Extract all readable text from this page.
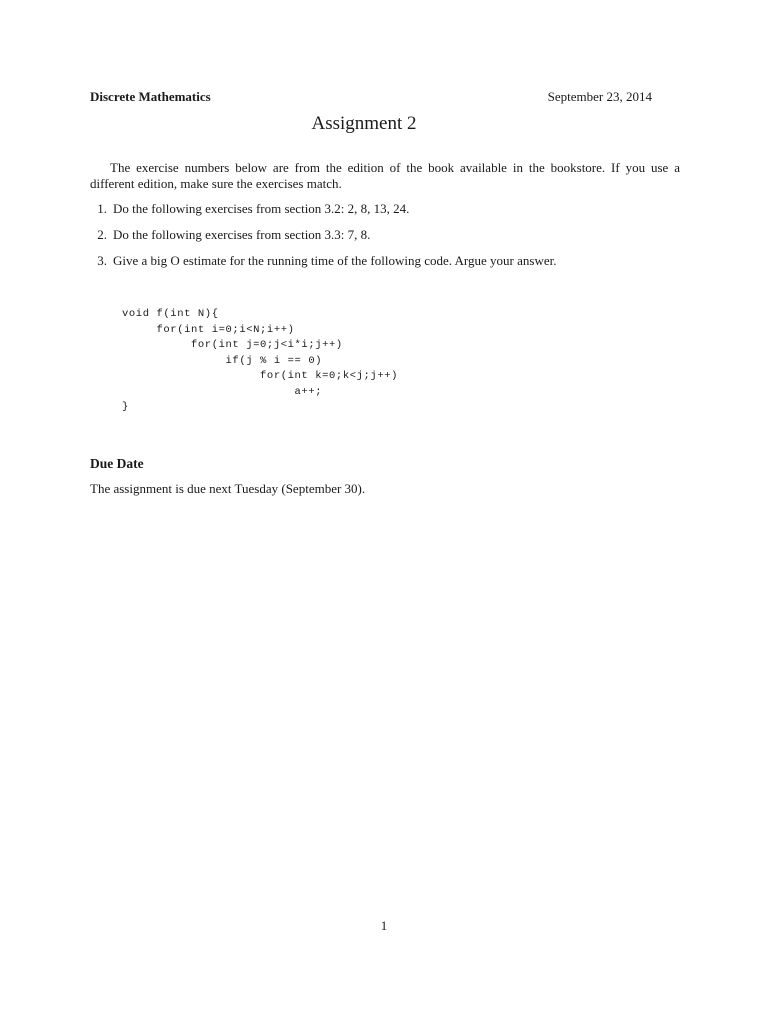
Discrete Mathematics	September 23, 2014
Assignment 2

The exercise numbers below are from the edition of the book available in the bookstore. If you use a different edition, make sure the exercises match.

1. Do the following exercises from section 3.2: 2, 8, 13, 24.
2. Do the following exercises from section 3.3: 7, 8.
3. Give a big O estimate for the running time of the following code. Argue your answer.
void f(int N){
for(int i=0;i<N;i++)
for(int j=0;j<i*i;j++)
if(j % i == 0)
for(int k=0;k<j;j++)
a++;
}
Due Date

The assignment is due next Tuesday (September 30).

1
